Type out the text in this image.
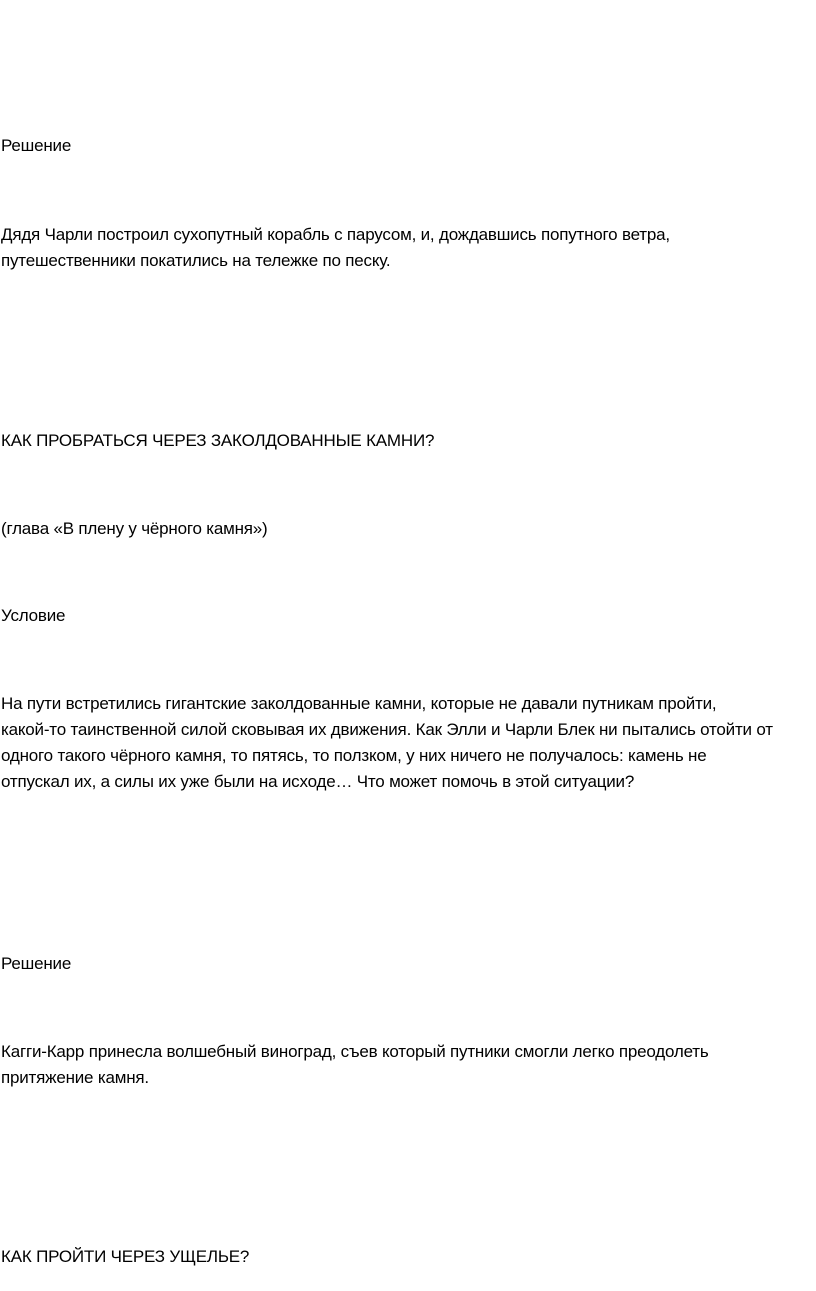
Решение

Дядя Чарли построил сухопутный корабль с парусом, и, дождавшись попутного ветра,
путешественники покатились на тележке по песку.

КАК ПРОБРАТЬСЯ ЧЕРЕЗ ЗАКОЛДОВАННЫЕ КАМНИ?

(глава «В плену у чёрного камня»)

Условие

На пути встретились гигантские заколдованные камни, которые не давали путникам пройти,
какой-то таинственной силой сковывая их движения. Как Элли и Чарли Блек ни пытались отойти от
одного такого чёрного камня, то пятясь, то ползком, у них ничего не получалось: камень не
отпускал их, а силы их уже были на исходе… Что может помочь в этой ситуации?

Решение

Кагги-Карр принесла волшебный виноград, съев который путники смогли легко преодолеть
притяжение камня.

КАК ПРОЙТИ ЧЕРЕЗ УЩЕЛЬЕ?
